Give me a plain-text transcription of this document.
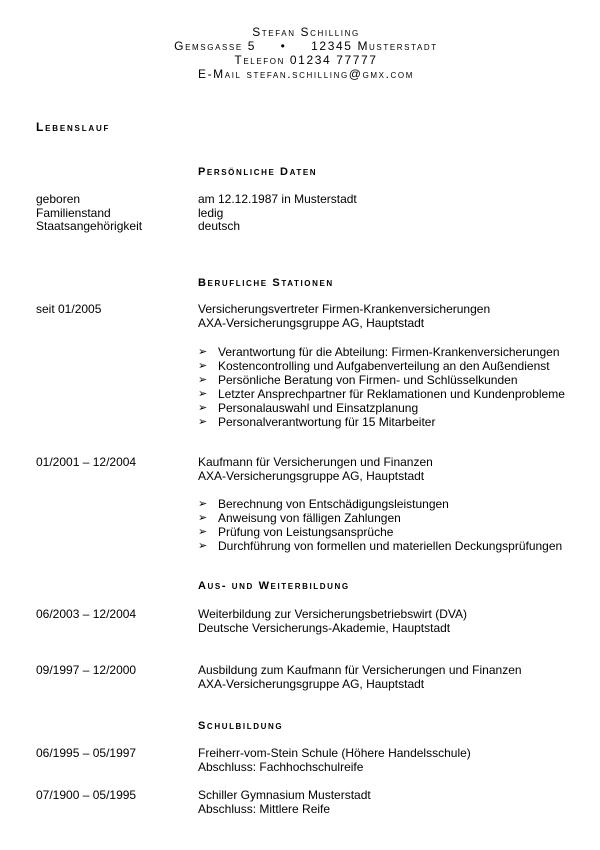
Stefan Schilling
Gemsgasse 5     •     12345 Musterstadt
Telefon 01234 77777
E-Mail stefan.schilling@gmx.com
Lebenslauf
Persönliche Daten
geboren	am 12.12.1987 in Musterstadt
Familienstand	ledig
Staatsangehörigkeit	deutsch
Berufliche Stationen
seit 01/2005	Versicherungsvertreter Firmen-Krankenversicherungen
AXA-Versicherungsgruppe AG, Hauptstadt
➢ Verantwortung für die Abteilung: Firmen-Krankenversicherungen
➢ Kostencontrolling und Aufgabenverteilung an den Außendienst
➢ Persönliche Beratung von Firmen- und Schlüsselkunden
➢ Letzter Ansprechpartner für Reklamationen und Kundenprobleme
➢ Personalauswahl und Einsatzplanung
➢ Personalverantwortung für 15 Mitarbeiter
01/2001 – 12/2004	Kaufmann für Versicherungen und Finanzen
AXA-Versicherungsgruppe AG, Hauptstadt
➢ Berechnung von Entschädigungsleistungen
➢ Anweisung von fälligen Zahlungen
➢ Prüfung von Leistungsansprüche
➢ Durchführung von formellen und materiellen Deckungsprüfungen
Aus- und Weiterbildung
06/2003 – 12/2004	Weiterbildung zur Versicherungsbetriebswirt (DVA)
Deutsche Versicherungs-Akademie, Hauptstadt
09/1997 – 12/2000	Ausbildung zum Kaufmann für Versicherungen und Finanzen
AXA-Versicherungsgruppe AG, Hauptstadt
Schulbildung
06/1995 – 05/1997	Freiherr-vom-Stein Schule (Höhere Handelsschule)
Abschluss: Fachhochschulreife
07/1900 – 05/1995	Schiller Gymnasium Musterstadt
Abschluss: Mittlere Reife
